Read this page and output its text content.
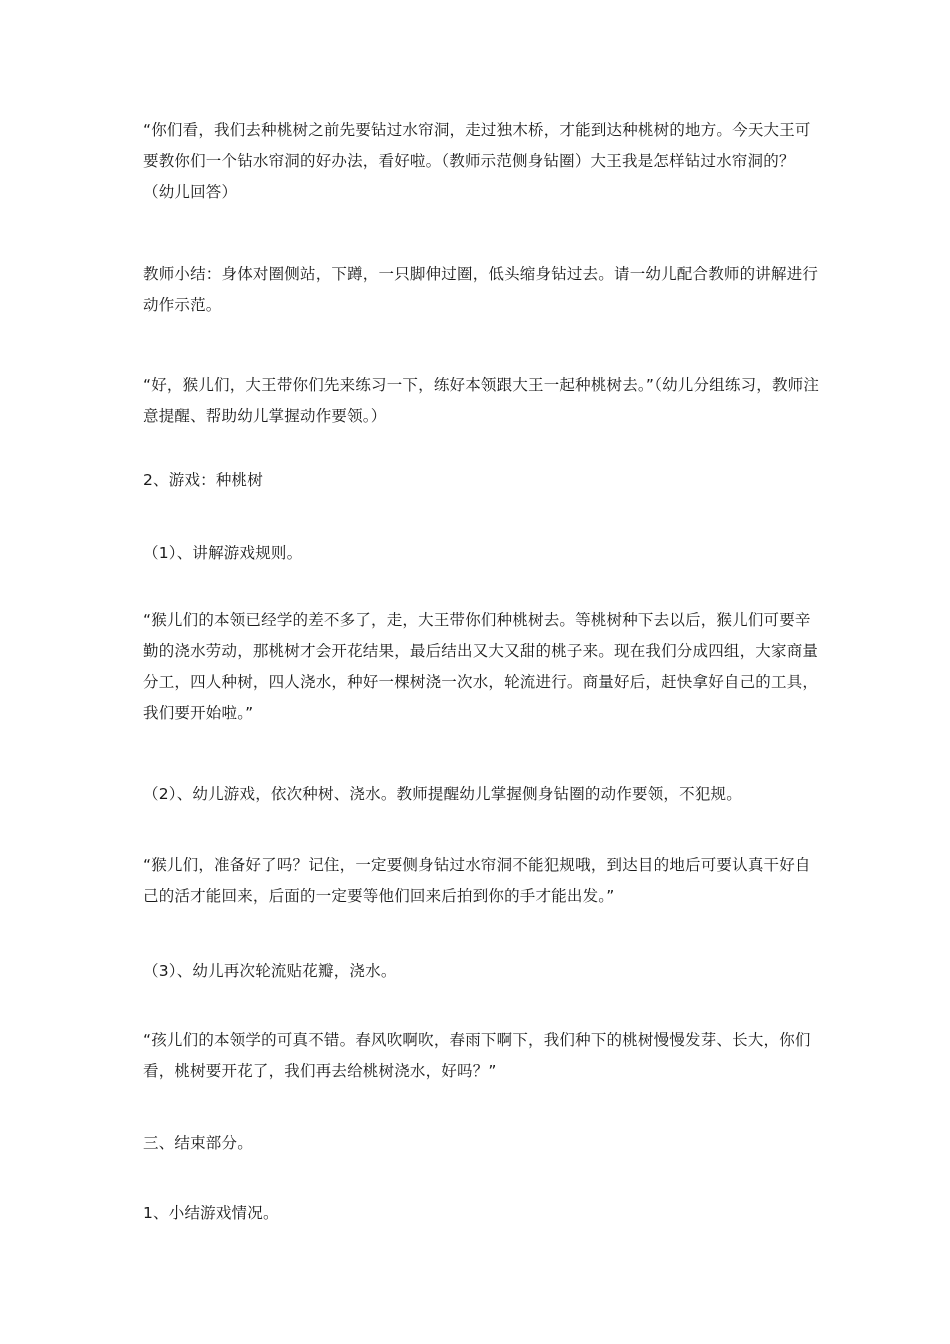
“你们看，我们去种桃树之前先要钻过水帘洞，走过独木桥，才能到达种桃树的地方。今天大王可要教你们一个钻水帘洞的好办法，看好啦。（教师示范侧身钻圈）大王我是怎样钻过水帘洞的？（幼儿回答）

教师小结：身体对圈侧站，下蹲，一只脚伸过圈，低头缩身钻过去。请一幼儿配合教师的讲解进行动作示范。

“好，猴儿们，大王带你们先来练习一下，练好本领跟大王一起种桃树去。”（幼儿分组练习，教师注意提醒、帮助幼儿掌握动作要领。）

2、游戏：种桃树

（1）、讲解游戏规则。

“猴儿们的本领已经学的差不多了，走，大王带你们种桃树去。等桃树种下去以后，猴儿们可要辛勤的浇水劳动，那桃树才会开花结果，最后结出又大又甜的桃子来。现在我们分成四组，大家商量分工，四人种树，四人浇水，种好一棵树浇一次水，轮流进行。商量好后，赶快拿好自己的工具，我们要开始啦。”

（2）、幼儿游戏，依次种树、浇水。教师提醒幼儿掌握侧身钻圈的动作要领，不犯规。

“猴儿们，准备好了吗？记住，一定要侧身钻过水帘洞不能犯规哦，到达目的地后可要认真干好自己的活才能回来，后面的一定要等他们回来后拍到你的手才能出发。”

（3）、幼儿再次轮流贴花瓣，浇水。

“孩儿们的本领学的可真不错。春风吹啊吹，春雨下啊下，我们种下的桃树慢慢发芽、长大，你们看，桃树要开花了，我们再去给桃树浇水，好吗？”

三、结束部分。

1、小结游戏情况。
